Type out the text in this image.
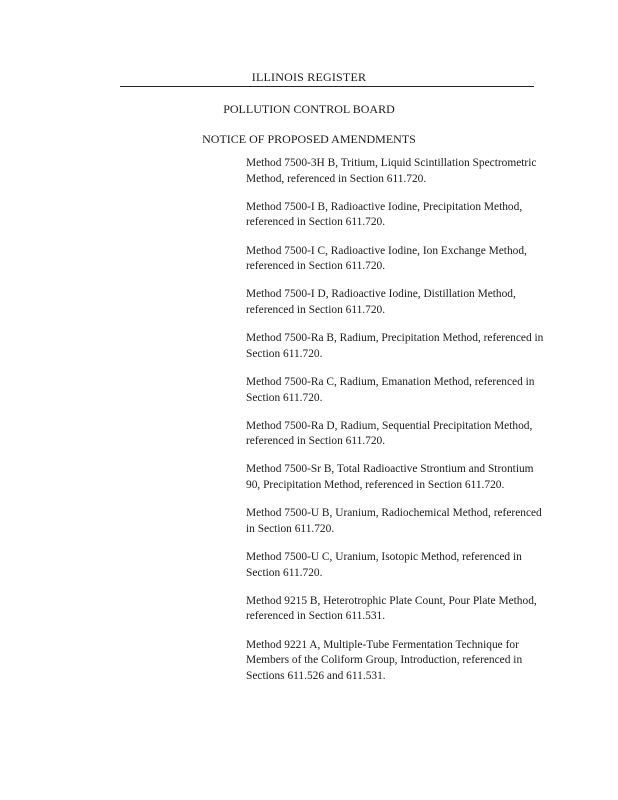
ILLINOIS REGISTER
POLLUTION CONTROL BOARD
NOTICE OF PROPOSED AMENDMENTS
Method 7500-3H B, Tritium, Liquid Scintillation Spectrometric Method, referenced in Section 611.720.
Method 7500-I B, Radioactive Iodine, Precipitation Method, referenced in Section 611.720.
Method 7500-I C, Radioactive Iodine, Ion Exchange Method, referenced in Section 611.720.
Method 7500-I D, Radioactive Iodine, Distillation Method, referenced in Section 611.720.
Method 7500-Ra B, Radium, Precipitation Method, referenced in Section 611.720.
Method 7500-Ra C, Radium, Emanation Method, referenced in Section 611.720.
Method 7500-Ra D, Radium, Sequential Precipitation Method, referenced in Section 611.720.
Method 7500-Sr B, Total Radioactive Strontium and Strontium 90, Precipitation Method, referenced in Section 611.720.
Method 7500-U B, Uranium, Radiochemical Method, referenced in Section 611.720.
Method 7500-U C, Uranium, Isotopic Method, referenced in Section 611.720.
Method 9215 B, Heterotrophic Plate Count, Pour Plate Method, referenced in Section 611.531.
Method 9221 A, Multiple-Tube Fermentation Technique for Members of the Coliform Group, Introduction, referenced in Sections 611.526 and 611.531.
